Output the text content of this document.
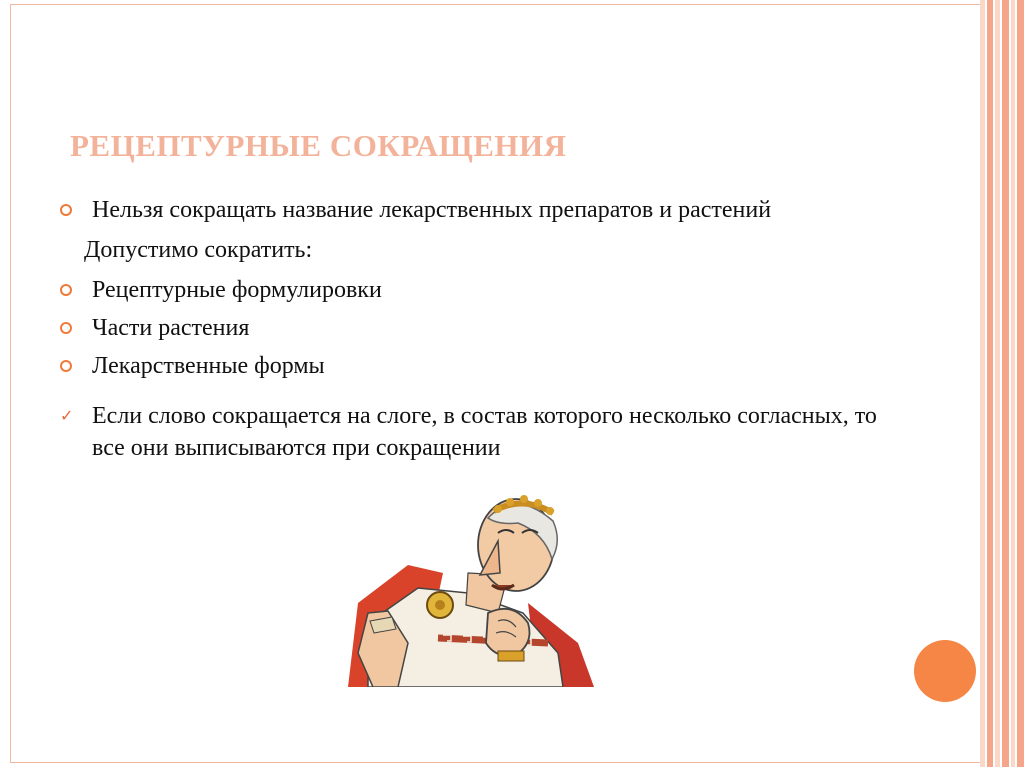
РЕЦЕПТУРНЫЕ СОКРАЩЕНИЯ
Нельзя сокращать название лекарственных препаратов и растений
Допустимо сократить:
Рецептурные формулировки
Части растения
Лекарственные формы
✓ Если слово сокращается на слоге, в состав которого несколько согласных, то все они выписываются при сокращении
